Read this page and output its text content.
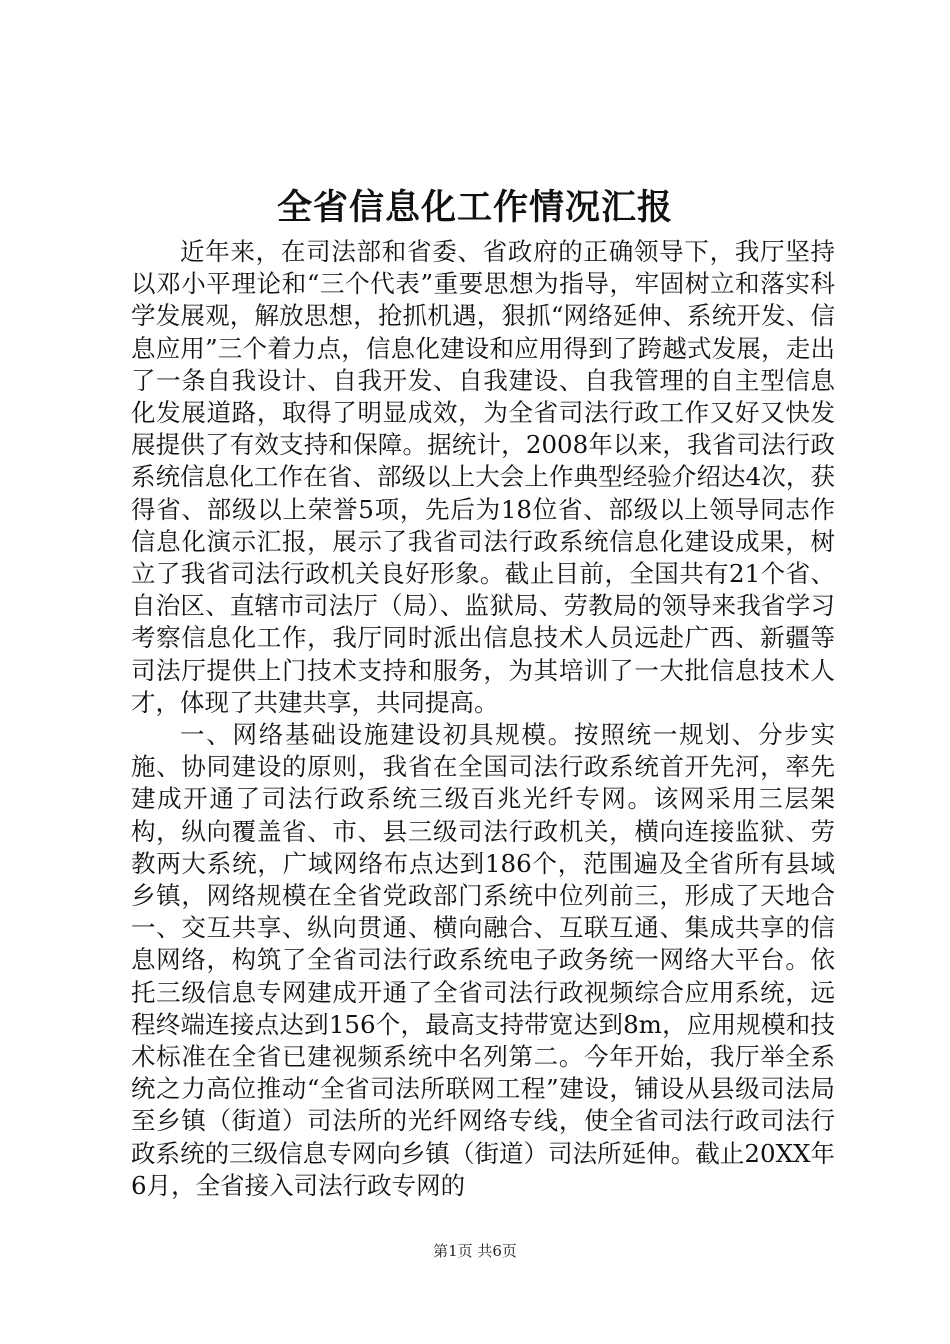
全省信息化工作情况汇报

近年来，在司法部和省委、省政府的正确领导下，我厅坚持以邓小平理论和“三个代表”重要思想为指导，牢固树立和落实科学发展观，解放思想，抢抓机遇，狠抓“网络延伸、系统开发、信息应用”三个着力点，信息化建设和应用得到了跨越式发展，走出了一条自我设计、自我开发、自我建设、自我管理的自主型信息化发展道路，取得了明显成效，为全省司法行政工作又好又快发展提供了有效支持和保障。据统计，2008年以来，我省司法行政系统信息化工作在省、部级以上大会上作典型经验介绍达4次，获得省、部级以上荣誉5项，先后为18位省、部级以上领导同志作信息化演示汇报，展示了我省司法行政系统信息化建设成果，树立了我省司法行政机关良好形象。截止目前，全国共有21个省、自治区、直辖市司法厅（局）、监狱局、劳教局的领导来我省学习考察信息化工作，我厅同时派出信息技术人员远赴广西、新疆等司法厅提供上门技术支持和服务，为其培训了一大批信息技术人才，体现了共建共享，共同提高。

一、网络基础设施建设初具规模。按照统一规划、分步实施、协同建设的原则，我省在全国司法行政系统首开先河，率先建成开通了司法行政系统三级百兆光纤专网。该网采用三层架构，纵向覆盖省、市、县三级司法行政机关，横向连接监狱、劳教两大系统，广域网络布点达到186个，范围遍及全省所有县域乡镇，网络规模在全省党政部门系统中位列前三，形成了天地合一、交互共享、纵向贯通、横向融合、互联互通、集成共享的信息网络，构筑了全省司法行政系统电子政务统一网络大平台。依托三级信息专网建成开通了全省司法行政视频综合应用系统，远程终端连接点达到156个，最高支持带宽达到8m，应用规模和技术标准在全省已建视频系统中名列第二。今年开始，我厅举全系统之力高位推动“全省司法所联网工程”建设，铺设从县级司法局至乡镇（街道）司法所的光纤网络专线，使全省司法行政司法行政系统的三级信息专网向乡镇（街道）司法所延伸。截止20XX年6月，全省接入司法行政专网的

第1页 共6页
